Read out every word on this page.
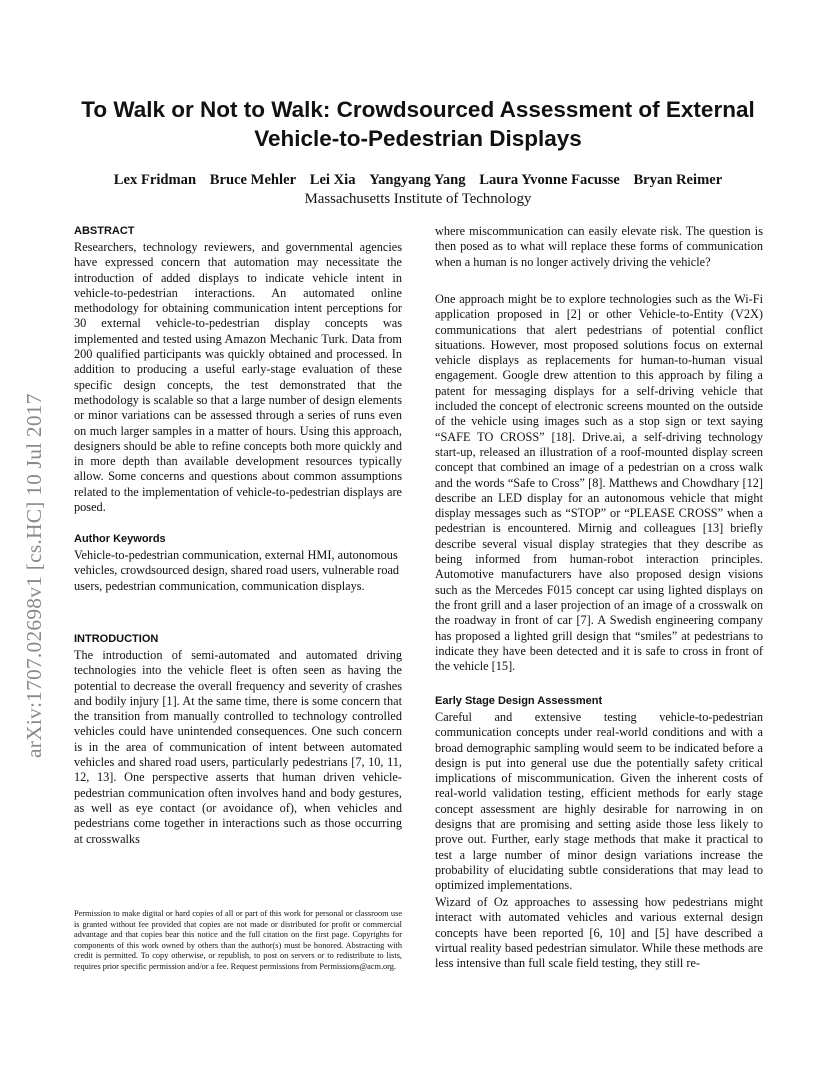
arXiv:1707.02698v1 [cs.HC] 10 Jul 2017
To Walk or Not to Walk: Crowdsourced Assessment of External Vehicle-to-Pedestrian Displays
Lex Fridman Bruce Mehler Lei Xia Yangyang Yang Laura Yvonne Facusse Bryan Reimer
Massachusetts Institute of Technology
ABSTRACT

Researchers, technology reviewers, and governmental agencies have expressed concern that automation may necessitate the introduction of added displays to indicate vehicle intent in vehicle-to-pedestrian interactions. An automated online methodology for obtaining communication intent perceptions for 30 external vehicle-to-pedestrian display concepts was implemented and tested using Amazon Mechanic Turk. Data from 200 qualified participants was quickly obtained and processed. In addition to producing a useful early-stage evaluation of these specific design concepts, the test demonstrated that the methodology is scalable so that a large number of design elements or minor variations can be assessed through a series of runs even on much larger samples in a matter of hours. Using this approach, designers should be able to refine concepts both more quickly and in more depth than available development resources typically allow. Some concerns and questions about common assumptions related to the implementation of vehicle-to-pedestrian displays are posed.

Author Keywords

Vehicle-to-pedestrian communication, external HMI, autonomous vehicles, crowdsourced design, shared road users, vulnerable road users, pedestrian communication, communication displays.

INTRODUCTION

The introduction of semi-automated and automated driving technologies into the vehicle fleet is often seen as having the potential to decrease the overall frequency and severity of crashes and bodily injury [1]. At the same time, there is some concern that the transition from manually controlled to technology controlled vehicles could have unintended consequences. One such concern is in the area of communication of intent between automated vehicles and shared road users, particularly pedestrians [7, 10, 11, 12, 13]. One perspective asserts that human driven vehicle-pedestrian communication often involves hand and body gestures, as well as eye contact (or avoidance of), when vehicles and pedestrians come together in interactions such as those occurring at crosswalks

where miscommunication can easily elevate risk. The question is then posed as to what will replace these forms of communication when a human is no longer actively driving the vehicle?

One approach might be to explore technologies such as the Wi-Fi application proposed in [2] or other Vehicle-to-Entity (V2X) communications that alert pedestrians of potential conflict situations. However, most proposed solutions focus on external vehicle displays as replacements for human-to-human visual engagement. Google drew attention to this approach by filing a patent for messaging displays for a self-driving vehicle that included the concept of electronic screens mounted on the outside of the vehicle using images such as a stop sign or text saying “SAFE TO CROSS” [18]. Drive.ai, a self-driving technology start-up, released an illustration of a roof-mounted display screen concept that combined an image of a pedestrian on a cross walk and the words “Safe to Cross” [8]. Matthews and Chowdhary [12] describe an LED display for an autonomous vehicle that might display messages such as “STOP” or “PLEASE CROSS” when a pedestrian is encountered. Mirnig and colleagues [13] briefly describe several visual display strategies that they describe as being informed from human-robot interaction principles. Automotive manufacturers have also proposed design visions such as the Mercedes F015 concept car using lighted displays on the front grill and a laser projection of an image of a crosswalk on the roadway in front of car [7]. A Swedish engineering company has proposed a lighted grill design that “smiles” at pedestrians to indicate they have been detected and it is safe to cross in front of the vehicle [15].

Early Stage Design Assessment

Careful and extensive testing vehicle-to-pedestrian communication concepts under real-world conditions and with a broad demographic sampling would seem to be indicated before a design is put into general use due the potentially safety critical implications of miscommunication. Given the inherent costs of real-world validation testing, efficient methods for early stage concept assessment are highly desirable for narrowing in on designs that are promising and setting aside those less likely to prove out. Further, early stage methods that make it practical to test a large number of minor design variations increase the probability of elucidating subtle considerations that may lead to optimized implementations.

Wizard of Oz approaches to assessing how pedestrians might interact with automated vehicles and various external design concepts have been reported [6, 10] and [5] have described a virtual reality based pedestrian simulator. While these methods are less intensive than full scale field testing, they still re-

Permission to make digital or hard copies of all or part of this work for personal or classroom use is granted without fee provided that copies are not made or distributed for profit or commercial advantage and that copies bear this notice and the full citation on the first page. Copyrights for components of this work owned by others than the author(s) must be honored. Abstracting with credit is permitted. To copy otherwise, or republish, to post on servers or to redistribute to lists, requires prior specific permission and/or a fee. Request permissions from Permissions@acm.org.
